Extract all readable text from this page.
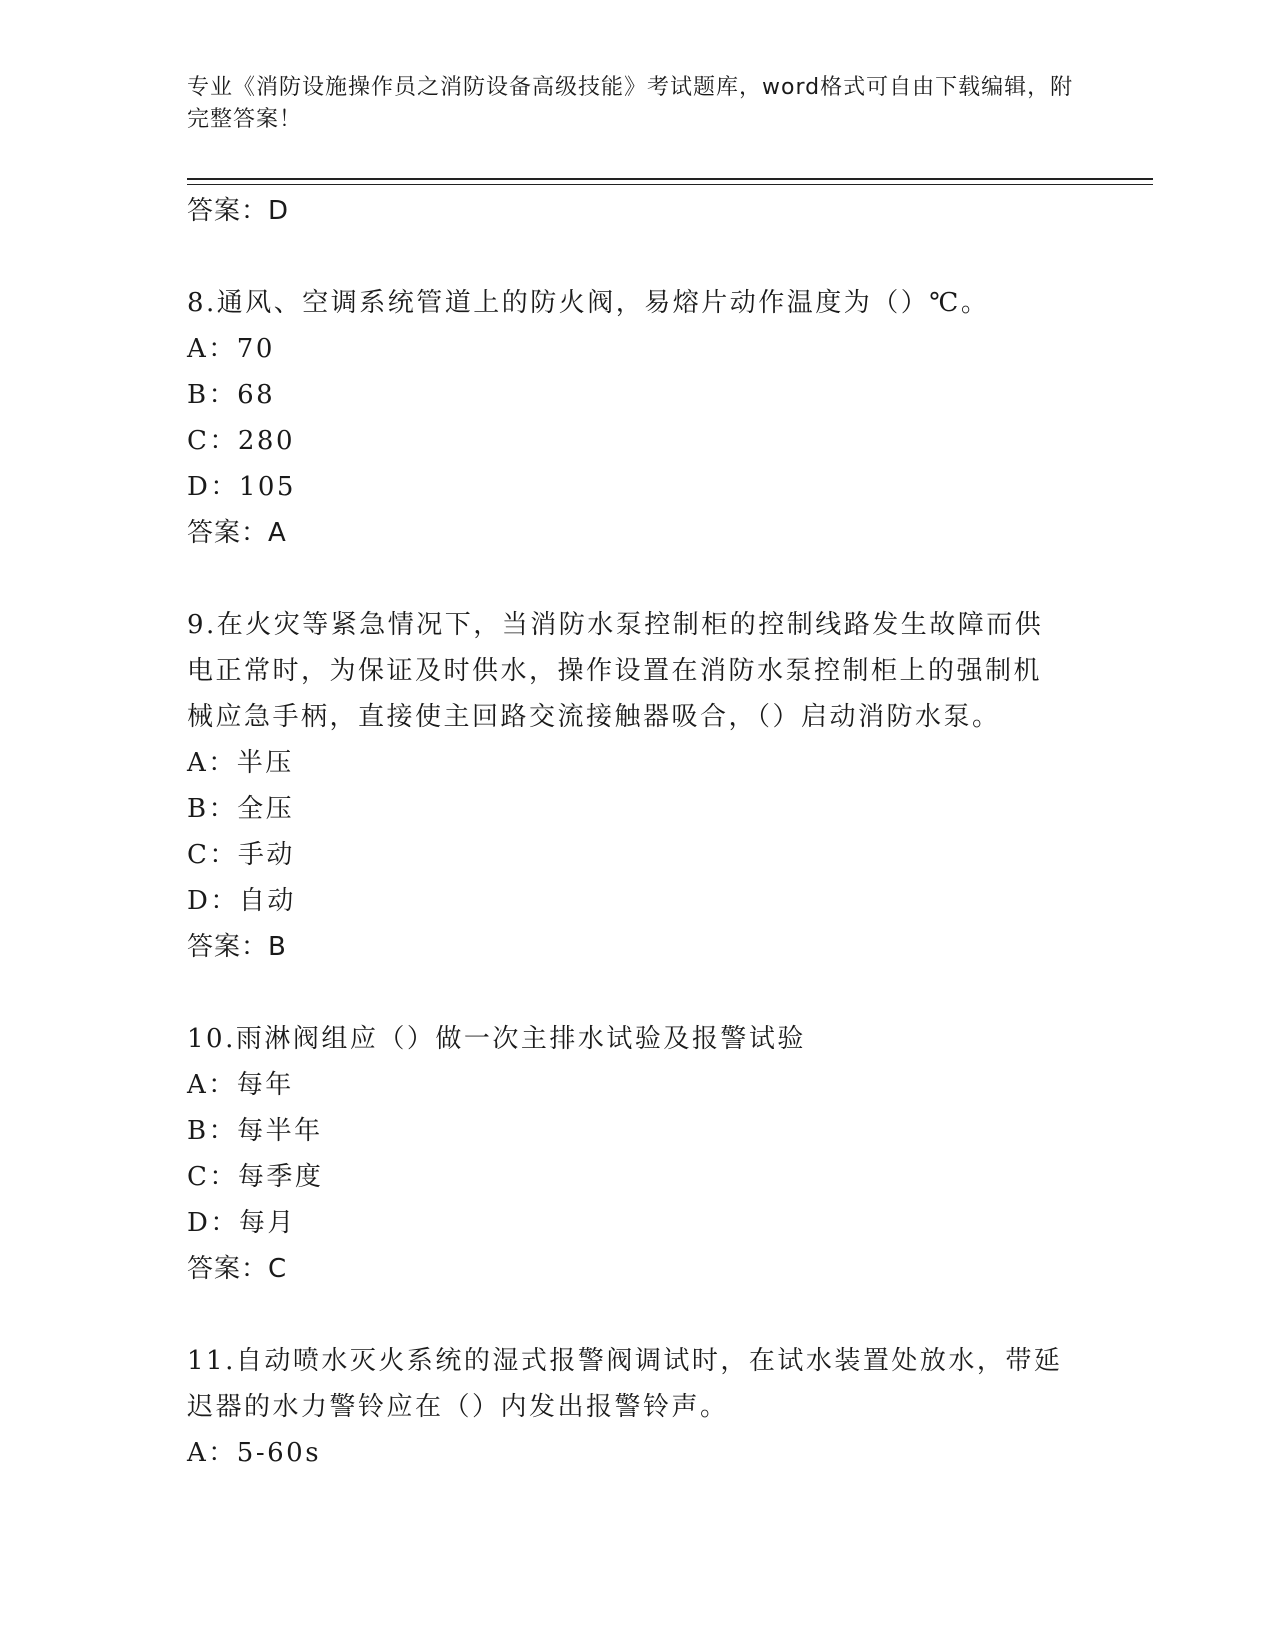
专业《消防设施操作员之消防设备高级技能》考试题库，word格式可自由下载编辑，附完整答案！
答案：D
8.通风、空调系统管道上的防火阀，易熔片动作温度为（）℃。
A：70
B：68
C：280
D：105
答案：A
9.在火灾等紧急情况下，当消防水泵控制柜的控制线路发生故障而供
电正常时，为保证及时供水，操作设置在消防水泵控制柜上的强制机
械应急手柄，直接使主回路交流接触器吸合，（）启动消防水泵。
A：半压
B：全压
C：手动
D：自动
答案：B
10.雨淋阀组应（）做一次主排水试验及报警试验
A：每年
B：每半年
C：每季度
D：每月
答案：C
11.自动喷水灭火系统的湿式报警阀调试时，在试水装置处放水，带延
迟器的水力警铃应在（）内发出报警铃声。
A：5-60s
